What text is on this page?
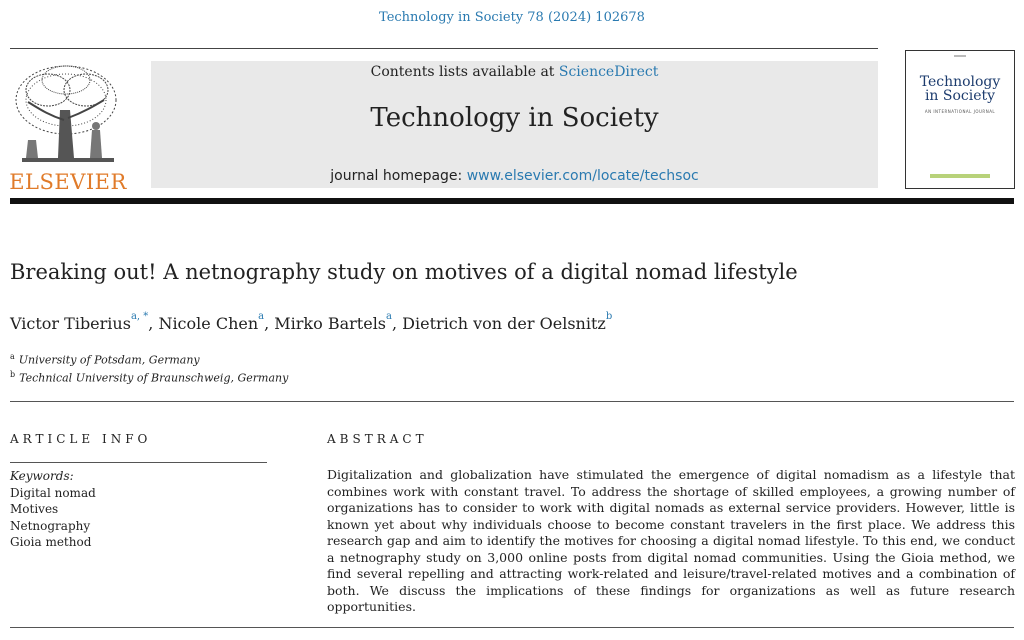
Technology in Society 78 (2024) 102678
ELSEVIER
Contents lists available at ScienceDirect
Technology in Society
journal homepage: www.elsevier.com/locate/techsoc
Technology
in Society
AN INTERNATIONAL JOURNAL
Breaking out! A netnography study on motives of a digital nomad lifestyle
Victor Tiberius$^{a, *}$, Nicole Chen$^a$, Mirko Bartels$^a$, Dietrich von der Oelsnitz$^b$
$^a$ University of Potsdam, Germany
$^b$ Technical University of Braunschweig, Germany
ARTICLE INFO	ABSTRACT
Keywords:
Digital nomad
Motives
Netnography
Gioia method
Digitalization and globalization have stimulated the emergence of digital nomadism as a lifestyle that combines work with constant travel. To address the shortage of skilled employees, a growing number of organizations has to consider to work with digital nomads as external service providers. However, little is known yet about why individuals choose to become constant travelers in the first place. We address this research gap and aim to identify the motives for choosing a digital nomad lifestyle. To this end, we conduct a netnography study on 3,000 online posts from digital nomad communities. Using the Gioia method, we find several repelling and attracting work-related and leisure/travel-related motives and a combination of both. We discuss the implications of these findings for organizations as well as future research opportunities.
